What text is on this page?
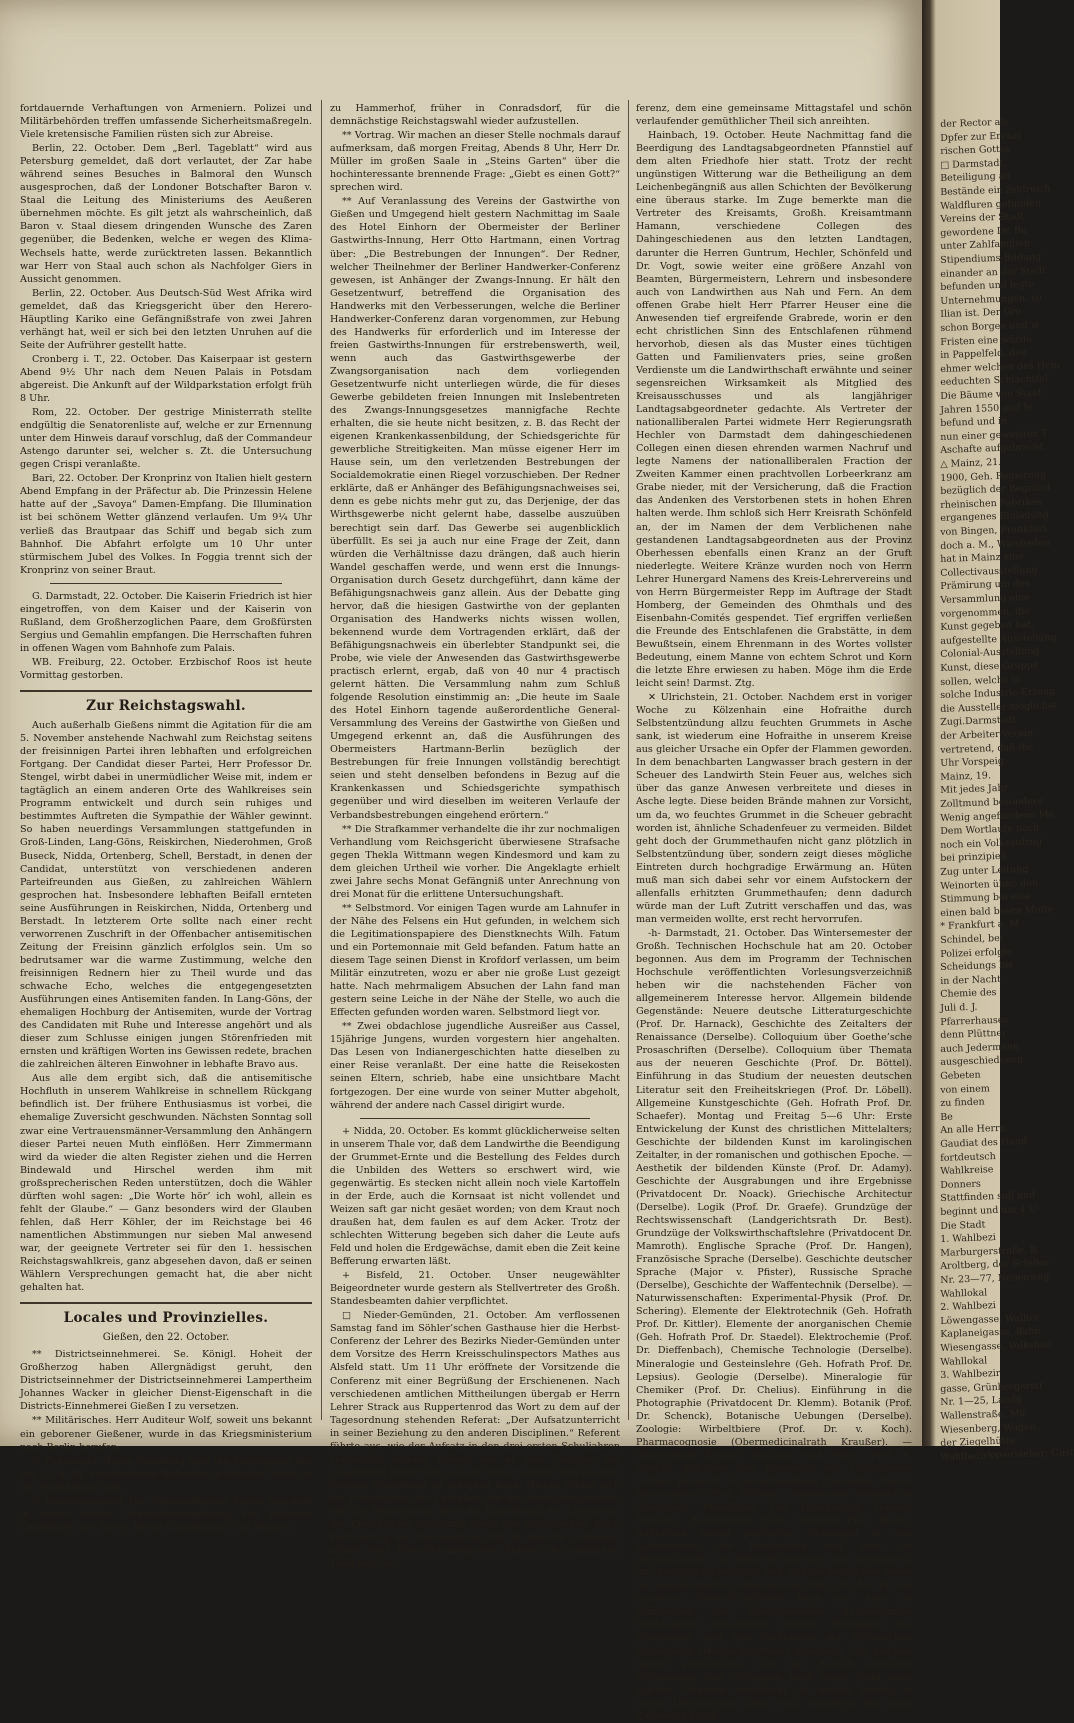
fortdauernde Verhaftungen von Armeniern. Polizei und Militärbehörden treffen umfassende Sicherheitsmaßregeln. Viele kretensische Familien rüsten sich zur Abreise.

Berlin, 22. October. Dem „Berl. Tageblatt“ wird aus Petersburg gemeldet, daß dort verlautet, der Zar habe während seines Besuches in Balmoral den Wunsch ausgesprochen, daß der Londoner Botschafter Baron v. Staal die Leitung des Ministeriums des Aeußeren übernehmen möchte. Es gilt jetzt als wahrscheinlich, daß Baron v. Staal diesem dringenden Wunsche des Zaren gegenüber, die Bedenken, welche er wegen des Klima-Wechsels hatte, werde zurücktreten lassen. Bekanntlich war Herr von Staal auch schon als Nachfolger Giers in Aussicht genommen.

Berlin, 22. October. Aus Deutsch-Süd West Afrika wird gemeldet, daß das Kriegsgericht über den Herero-Häuptling Kariko eine Gefängnißstrafe von zwei Jahren verhängt hat, weil er sich bei den letzten Unruhen auf die Seite der Aufrührer gestellt hatte.

Cronberg i. T., 22. October. Das Kaiserpaar ist gestern Abend 9½ Uhr nach dem Neuen Palais in Potsdam abgereist. Die Ankunft auf der Wildparkstation erfolgt früh 8 Uhr.

Rom, 22. October. Der gestrige Ministerrath stellte endgültig die Senatorenliste auf, welche er zur Ernennung unter dem Hinweis darauf vorschlug, daß der Commandeur Astengo darunter sei, welcher s. Zt. die Untersuchung gegen Crispi veranlaßte.

Bari, 22. October. Der Kronprinz von Italien hielt gestern Abend Empfang in der Präfectur ab. Die Prinzessin Helene hatte auf der „Savoya“ Damen-Empfang. Die Illumination ist bei schönem Wetter glänzend verlaufen. Um 9¼ Uhr verließ das Brautpaar das Schiff und begab sich zum Bahnhof. Die Abfahrt erfolgte um 10 Uhr unter stürmischem Jubel des Volkes. In Foggia trennt sich der Kronprinz von seiner Braut.

G. Darmstadt, 22. October. Die Kaiserin Friedrich ist hier eingetroffen, von dem Kaiser und der Kaiserin von Rußland, dem Großherzoglichen Paare, dem Großfürsten Sergius und Gemahlin empfangen. Die Herrschaften fuhren in offenen Wagen vom Bahnhofe zum Palais.

WB. Freiburg, 22. October. Erzbischof Roos ist heute Vormittag gestorben.

Zur Reichstagswahl.

Auch außerhalb Gießens nimmt die Agitation für die am 5. November anstehende Nachwahl zum Reichstag seitens der freisinnigen Partei ihren lebhaften und erfolgreichen Fortgang. Der Candidat dieser Partei, Herr Professor Dr. Stengel, wirbt dabei in unermüdlicher Weise mit, indem er tagtäglich an einem anderen Orte des Wahlkreises sein Programm entwickelt und durch sein ruhiges und bestimmtes Auftreten die Sympathie der Wähler gewinnt. So haben neuerdings Versammlungen stattgefunden in Groß-Linden, Lang-Göns, Reiskirchen, Niederohmen, Groß Buseck, Nidda, Ortenberg, Schell, Berstadt, in denen der Candidat, unterstützt von verschiedenen anderen Parteifreunden aus Gießen, zu zahlreichen Wählern gesprochen hat. Insbesondere lebhaften Beifall ernteten seine Ausführungen in Reiskirchen, Nidda, Ortenberg und Berstadt. In letzterem Orte sollte nach einer recht verworrenen Zuschrift in der Offenbacher antisemitischen Zeitung der Freisinn gänzlich erfolglos sein. Um so bedrutsamer war die warme Zustimmung, welche den freisinnigen Rednern hier zu Theil wurde und das schwache Echo, welches die entgegengesetzten Ausführungen eines Antisemiten fanden. In Lang-Göns, der ehemaligen Hochburg der Antisemiten, wurde der Vortrag des Candidaten mit Ruhe und Interesse angehört und als dieser zum Schlusse einigen jungen Störenfrieden mit ernsten und kräftigen Worten ins Gewissen redete, brachen die zahlreichen älteren Einwohner in lebhafte Bravo aus.

Aus alle dem ergibt sich, daß die antisemitische Hochfluth in unserem Wahlkreise in schnellem Rückgang befindlich ist. Der frühere Enthusiasmus ist vorbei, die ehemalige Zuversicht geschwunden. Nächsten Sonntag soll zwar eine Vertrauensmänner-Versammlung den Anhängern dieser Partei neuen Muth einflößen. Herr Zimmermann wird da wieder die alten Register ziehen und die Herren Bindewald und Hirschel werden ihm mit großsprecherischen Reden unterstützen, doch die Wähler dürften wohl sagen: „Die Worte hör’ ich wohl, allein es fehlt der Glaube.“ — Ganz besonders wird der Glauben fehlen, daß Herr Köhler, der im Reichstage bei 46 namentlichen Abstimmungen nur sieben Mal anwesend war, der geeignete Vertreter sei für den 1. hessischen Reichstagswahlkreis, ganz abgesehen davon, daß er seinen Wählern Versprechungen gemacht hat, die aber nicht gehalten hat.

Locales und Provinzielles.
Gießen, den 22. October.

** Districtseinnehmerei. Se. Königl. Hoheit der Großherzog haben Allergnädigst geruht, den Districtseinnehmer der Districtseinnehmerei Lampertheim Johannes Wacker in gleicher Dienst-Eigenschaft in die Districts-Einnehmerei Gießen I zu versetzen.

** Militärisches. Herr Auditeur Wolf, soweit uns bekannt ein geborener Gießener, wurde in das Kriegsministerium nach Berlin berufen.

** Fahneneid. Heute Vormittag fand die Vereidigung der am 13. d. M. eingetretenen Rekruten in üblicher Weise in der Stadtkirche statt.

** Reichstagswahl. Der Nationalliberale Verein beschloß in seiner letzten Generalversammlung, den früheren Candidaten der Partei, Herrn Gutspächter Carl Meinert

zu Hammerhof, früher in Conradsdorf, für die demnächstige Reichstagswahl wieder aufzustellen.

** Vortrag. Wir machen an dieser Stelle nochmals darauf aufmerksam, daß morgen Freitag, Abends 8 Uhr, Herr Dr. Müller im großen Saale in „Steins Garten“ über die hochinteressante brennende Frage: „Giebt es einen Gott?“ sprechen wird.

** Auf Veranlassung des Vereins der Gastwirthe von Gießen und Umgegend hielt gestern Nachmittag im Saale des Hotel Einhorn der Obermeister der Berliner Gastwirths-Innung, Herr Otto Hartmann, einen Vortrag über: „Die Bestrebungen der Innungen“. Der Redner, welcher Theilnehmer der Berliner Handwerker-Conferenz gewesen, ist Anhänger der Zwangs-Innung. Er hält den Gesetzentwurf, betreffend die Organisation des Handwerks mit den Verbesserungen, welche die Berliner Handwerker-Conferenz daran vorgenommen, zur Hebung des Handwerks für erforderlich und im Interesse der freien Gastwirths-Innungen für erstrebenswerth, weil, wenn auch das Gastwirthsgewerbe der Zwangsorganisation nach dem vorliegenden Gesetzentwurfe nicht unterliegen würde, die für dieses Gewerbe gebildeten freien Innungen mit Inslebentreten des Zwangs-Innungsgesetzes mannigfache Rechte erhalten, die sie heute nicht besitzen, z. B. das Recht der eigenen Krankenkassenbildung, der Schiedsgerichte für gewerbliche Streitigkeiten. Man müsse eigener Herr im Hause sein, um den verletzenden Bestrebungen der Socialdemokratie einen Riegel vorzuschieben. Der Redner erklärte, daß er Anhänger des Befähigungsnachweises sei, denn es gebe nichts mehr gut zu, das Derjenige, der das Wirthsgewerbe nicht gelernt habe, dasselbe auszuüben berechtigt sein darf. Das Gewerbe sei augenblicklich überfüllt. Es sei ja auch nur eine Frage der Zeit, dann würden die Verhältnisse dazu drängen, daß auch hierin Wandel geschaffen werde, und wenn erst die Innungs-Organisation durch Gesetz durchgeführt, dann käme der Befähigungsnachweis ganz allein. Aus der Debatte ging hervor, daß die hiesigen Gastwirthe von der geplanten Organisation des Handwerks nichts wissen wollen, bekennend wurde dem Vortragenden erklärt, daß der Befähigungsnachweis ein überlebter Standpunkt sei, die Probe, wie viele der Anwesenden das Gastwirthsgewerbe practisch erlernt, ergab, daß von 40 nur 4 practisch gelernt hätten. Die Versammlung nahm zum Schluß folgende Resolution einstimmig an: „Die heute im Saale des Hotel Einhorn tagende außerordentliche General-Versammlung des Vereins der Gastwirthe von Gießen und Umgegend erkennt an, daß die Ausführungen des Obermeisters Hartmann-Berlin bezüglich der Bestrebungen für freie Innungen vollständig berechtigt seien und steht denselben befondens in Bezug auf die Krankenkassen und Schiedsgerichte sympathisch gegenüber und wird dieselben im weiteren Verlaufe der Verbandsbestrebungen eingehend erörtern.“

** Die Strafkammer verhandelte die ihr zur nochmaligen Verhandlung vom Reichsgericht überwiesene Strafsache gegen Thekla Wittmann wegen Kindesmord und kam zu dem gleichen Urtheil wie vorher. Die Angeklagte erhielt zwei Jahre sechs Monat Gefängniß unter Anrechnung von drei Monat für die erlittene Untersuchungshaft.

** Selbstmord. Vor einigen Tagen wurde am Lahnufer in der Nähe des Felsens ein Hut gefunden, in welchem sich die Legitimationspapiere des Dienstknechts Wilh. Fatum und ein Portemonnaie mit Geld befanden. Fatum hatte an diesem Tage seinen Dienst in Krofdorf verlassen, um beim Militär einzutreten, wozu er aber nie große Lust gezeigt hatte. Nach mehrmaligem Absuchen der Lahn fand man gestern seine Leiche in der Nähe der Stelle, wo auch die Effecten gefunden worden waren. Selbstmord liegt vor.

** Zwei obdachlose jugendliche Ausreißer aus Cassel, 15jährige Jungens, wurden vorgestern hier angehalten. Das Lesen von Indianergeschichten hatte dieselben zu einer Reise veranlaßt. Der eine hatte die Reisekosten seinen Eltern, schrieb, habe eine unsichtbare Macht fortgezogen. Der eine wurde von seiner Mutter abgeholt, während der andere nach Cassel dirigirt wurde.

+ Nidda, 20. October. Es kommt glücklicherweise selten in unserem Thale vor, daß dem Landwirthe die Beendigung der Grummet-Ernte und die Bestellung des Feldes durch die Unbilden des Wetters so erschwert wird, wie gegenwärtig. Es stecken nicht allein noch viele Kartoffeln in der Erde, auch die Kornsaat ist nicht vollendet und Weizen saft gar nicht gesäet worden; von dem Kraut noch draußen hat, dem faulen es auf dem Acker. Trotz der schlechten Witterung begeben sich daher die Leute aufs Feld und holen die Erdgewächse, damit eben die Zeit keine Befferung erwarten läßt.

+ Bisfeld, 21. October. Unser neugewählter Beigeordneter wurde gestern als Stellvertreter des Großh. Standesbeamten dahier verpflichtet.

□ Nieder-Gemünden, 21. October. Am verflossenen Samstag fand im Söhler’schen Gasthause hier die Herbst-Conferenz der Lehrer des Bezirks Nieder-Gemünden unter dem Vorsitze des Herrn Kreisschulinspectors Mathes aus Alsfeld statt. Um 11 Uhr eröffnete der Vorsitzende die Conferenz mit einer Begrüßung der Erschienenen. Nach verschiedenen amtlichen Mittheilungen übergab er Herrn Lehrer Strack aus Ruppertenrod das Wort zu dem auf der Tagesordnung stehenden Referat: „Der Aufsatzunterricht in seiner Beziehung zu den anderen Disciplinen.“ Referent führte aus, wie der Aufsatz in den drei ersten Schuljahren vorbereitet werden müsse, wie er eine Centrale des gesammten Unterrichts sei und wie er seinen Stoff aus den übrigen Disciplinen zu schöpfen habe. Hieran schloß sich die Feststellung des Lehrplans für die Fortbildungsschule und die Besprechung über die Einrichtung der Lesekreise der Kreis-Lehrer-Bibliothek durch den Vorsitzenden. Nach Feststellung der Tagesordnung für die nächste Conferenz schloß Herr Kreis-Schulinspector Mathes den amtlichen Theil der Con-

ferenz, dem eine gemeinsame Mittagstafel und schön verlaufender gemüthlicher Theil sich anreihten.

Hainbach, 19. October. Heute Nachmittag fand die Beerdigung des Landtagsabgeordneten Pfannstiel auf dem alten Friedhofe hier statt. Trotz der recht ungünstigen Witterung war die Betheiligung an dem Leichenbegängniß aus allen Schichten der Bevölkerung eine überaus starke. Im Zuge bemerkte man die Vertreter des Kreisamts, Großh. Kreisamtmann Hamann, verschiedene Collegen des Dahingeschiedenen aus den letzten Landtagen, darunter die Herren Guntrum, Hechler, Schönfeld und Dr. Vogt, sowie weiter eine größere Anzahl von Beamten, Bürgermeistern, Lehrern und insbesondere auch von Landwirthen aus Nah und Fern. An dem offenen Grabe hielt Herr Pfarrer Heuser eine die Anwesenden tief ergreifende Grabrede, worin er den echt christlichen Sinn des Entschlafenen rühmend hervorhob, diesen als das Muster eines tüchtigen Gatten und Familienvaters pries, seine großen Verdienste um die Landwirthschaft erwähnte und seiner segensreichen Wirksamkeit als Mitglied des Kreisausschusses und als langjähriger Landtagsabgeordneter gedachte. Als Vertreter der nationalliberalen Partei widmete Herr Regierungsrath Hechler von Darmstadt dem dahingeschiedenen Collegen einen diesen ehrenden warmen Nachruf und legte Namens der nationalliberalen Fraction der Zweiten Kammer einen prachtvollen Lorbeerkranz am Grabe nieder, mit der Versicherung, daß die Fraction das Andenken des Verstorbenen stets in hohen Ehren halten werde. Ihm schloß sich Herr Kreisrath Schönfeld an, der im Namen der dem Verblichenen nahe gestandenen Landtagsabgeordneten aus der Provinz Oberhessen ebenfalls einen Kranz an der Gruft niederlegte. Weitere Kränze wurden noch von Herrn Lehrer Hunergard Namens des Kreis-Lehrervereins und von Herrn Bürgermeister Repp im Auftrage der Stadt Homberg, der Gemeinden des Ohmthals und des Eisenbahn-Comités gespendet. Tief ergriffen verließen die Freunde des Entschlafenen die Grabstätte, in dem Bewußtsein, einem Ehrenmann in des Wortes vollster Bedeutung, einem Manne von echtem Schrot und Korn die letzte Ehre erwiesen zu haben. Möge ihm die Erde leicht sein! Darmst. Ztg.

✕ Ulrichstein, 21. October. Nachdem erst in voriger Woche zu Kölzenhain eine Hofraithe durch Selbstentzündung allzu feuchten Grummets in Asche sank, ist wiederum eine Hofraithe in unserem Kreise aus gleicher Ursache ein Opfer der Flammen geworden. In dem benachbarten Langwasser brach gestern in der Scheuer des Landwirth Stein Feuer aus, welches sich über das ganze Anwesen verbreitete und dieses in Asche legte. Diese beiden Brände mahnen zur Vorsicht, um da, wo feuchtes Grummet in die Scheuer gebracht worden ist, ähnliche Schadenfeuer zu vermeiden. Bildet geht doch der Grummethaufen nicht ganz plötzlich in Selbstentzündung über, sondern zeigt dieses mögliche Eintreten durch hochgradige Erwärmung an. Hüten muß man sich dabei sehr vor einem Aufstockern der allenfalls erhitzten Grummethaufen; denn dadurch würde man der Luft Zutritt verschaffen und das, was man vermeiden wollte, erst recht hervorrufen.

-h- Darmstadt, 21. October. Das Wintersemester der Großh. Technischen Hochschule hat am 20. October begonnen. Aus dem im Programm der Technischen Hochschule veröffentlichten Vorlesungsverzeichniß heben wir die nachstehenden Fächer von allgemeinerem Interesse hervor. Allgemein bildende Gegenstände: Neuere deutsche Litteraturgeschichte (Prof. Dr. Harnack), Geschichte des Zeitalters der Renaissance (Derselbe). Colloquium über Goethe’sche Prosaschriften (Derselbe). Colloquium über Themata aus der neueren Geschichte (Prof. Dr. Böttel). Einführung in das Studium der neuesten deutschen Literatur seit den Freiheitskriegen (Prof. Dr. Löbell). Allgemeine Kunstgeschichte (Geh. Hofrath Prof. Dr. Schaefer). Montag und Freitag 5—6 Uhr: Erste Entwickelung der Kunst des christlichen Mittelalters; Geschichte der bildenden Kunst im karolingischen Zeitalter, in der romanischen und gothischen Epoche. — Aesthetik der bildenden Künste (Prof. Dr. Adamy). Geschichte der Ausgrabungen und ihre Ergebnisse (Privatdocent Dr. Noack). Griechische Architectur (Derselbe). Logik (Prof. Dr. Graefe). Grundzüge der Rechtswissenschaft (Landgerichtsrath Dr. Best). Grundzüge der Volkswirthschaftslehre (Privatdocent Dr. Mamroth). Englische Sprache (Prof. Dr. Hangen), Französische Sprache (Derselbe). Geschichte deutscher Sprache (Major v. Pfister), Russische Sprache (Derselbe), Geschichte der Waffentechnik (Derselbe). — Naturwissenschaften: Experimental-Physik (Prof. Dr. Schering). Elemente der Elektrotechnik (Geh. Hofrath Prof. Dr. Kittler). Elemente der anorganischen Chemie (Geh. Hofrath Prof. Dr. Staedel). Elektrochemie (Prof. Dr. Dieffenbach), Chemische Technologie (Derselbe). Mineralogie und Gesteinslehre (Geh. Hofrath Prof. Dr. Lepsius). Geologie (Derselbe). Mineralogie für Chemiker (Prof. Dr. Chelius). Einführung in die Photographie (Privatdocent Dr. Klemm). Botanik (Prof. Dr. Schenck), Botanische Uebungen (Derselbe). Zoologie: Wirbeltbiere (Prof. Dr. v. Koch). Pharmacognosie (Obermedicinalrath Kraußer). — Darstellende Künste: Zeichnen und Malen (Prof. A. Noack). Zeichnen und Entwerfen von Ornamenten (Lehrer Barnest), Ornamentzeichnen (Derselbe). Innen-Decorationen (Prof. Wickop), Angewandte Perspective (Derselbe). Modelliren von Ornamenten (Lehrer Barnest). Bauzeichnen (Geh. Baurath Prof. Marx). Außerdem finden practische Uebungen in den Laboratorien der Hochschule und zwar im physikalischen, im elektrotechnischen, im chemischen, im chemisch-technischen und elektrochemischen sowie im mineralogischen Laboratorium statt. Die Zeit für die einzelnen Unterrichtsfächer kann aus dem im Erdgeschoß des Hauptgebäudes ausgehängten Stundenplan entnommen werden. Exemplare des Programms sind vom Secretariat der Technischen Hochschule (Hochschulstraße) erhältlich. Wir machen darauf aufmerksam, daß der Besuch einzelner Vorlesungen und Uebungen nach freier Wahl auch solchen Männern ermöglicht ist, welche bereits in einem Lebensberuf thätig sind. Dieselben find nach Zulassung durch

der Rector als
Dpfer zur Erenzi
rischen Gottes
□ Darmstadt,
Beteiligung an
Bestände ein zahlreich
Waldfluren gefunden
Vereins der Stadt
gewordene Dr. Bu
unter Zahlfamilien
Stipendiums-Bildung
einander an der Stadt
befunden und legte
Unternehmungen, so
Ilian ist. Der Gro
schon Borgen und w
Fristen eine würde
in Pappelfeld, den
ehmer welchen des Hein
eeduchten Schlachtfel
Die Bäume von Staat
Jahren 1550 und le
befund und in
nun einer geweisten T
Aschafte aufgebracht.
△ Mainz, 21.
1900, Geh. Regierung
bezüglich der Begründ
rheinischen Fabrikan
ergangenes Einladung
von Bingen, Frankfurt
doch a. M., Wiesbaden
hat in Mainz eine
Collectivausstellung
Prämirung um das
Versammlung eine
vorgenommen, die
Kunst gegeben hat,
aufgestellte Ausstellung
Colonial-Ausstellung
Kunst, diese Gruppe
sollen, welche in
solche Industrie-Erzeug
die Aussteller möglichst
Zugi.Darmstadt
der Arbeiter-Verein
vertretend, daß die
Uhr Vorspeig.
Mainz, 19.
Mit jedes Jahr
Zolltmund besondere
Wenig angefundene Mo
Dem Wortlaute nach
noch ein Volksaufzug
bei prinzipiell
Zug unter Leitung
Weinorten über, den
Stimmung bei eine
einen bald besen Mofte
* Frankfurt a. M
Schindel, bei
Polizei erfolgte
Scheidungs bis
in der Nacht
Chemie des
Juli d. J.
Pfarrerhauses
denn Plüttner
auch Jedermann
ausgeschiedenen
Gebeten
von einem
zu finden
Be
An alle Herrn
Gaudiat des Hand
fortdeutsch
Wahlkreise
Donners
Stattfinden soll und
beginnt und um 4 U
Die Stadt
1. Wahlbezi
Marburgerstraße, B
Aroltberg, der Schiller
Nr. 23—77, Neuenweg
Wahllokal
2. Wahlbezi
Löwengasse, Walltor
Kaplaneigasse, Bahn
Wiesengasse, Volksbau
Wahllokal
3. Wahlbezir
gasse, Grünbergerstr
Nr. 1—25, Landg
Wallenstraße, Mü
Wiesenberg, Wagen
der Ziegelhütte
Wahlbezirksvorsteher: Gust
